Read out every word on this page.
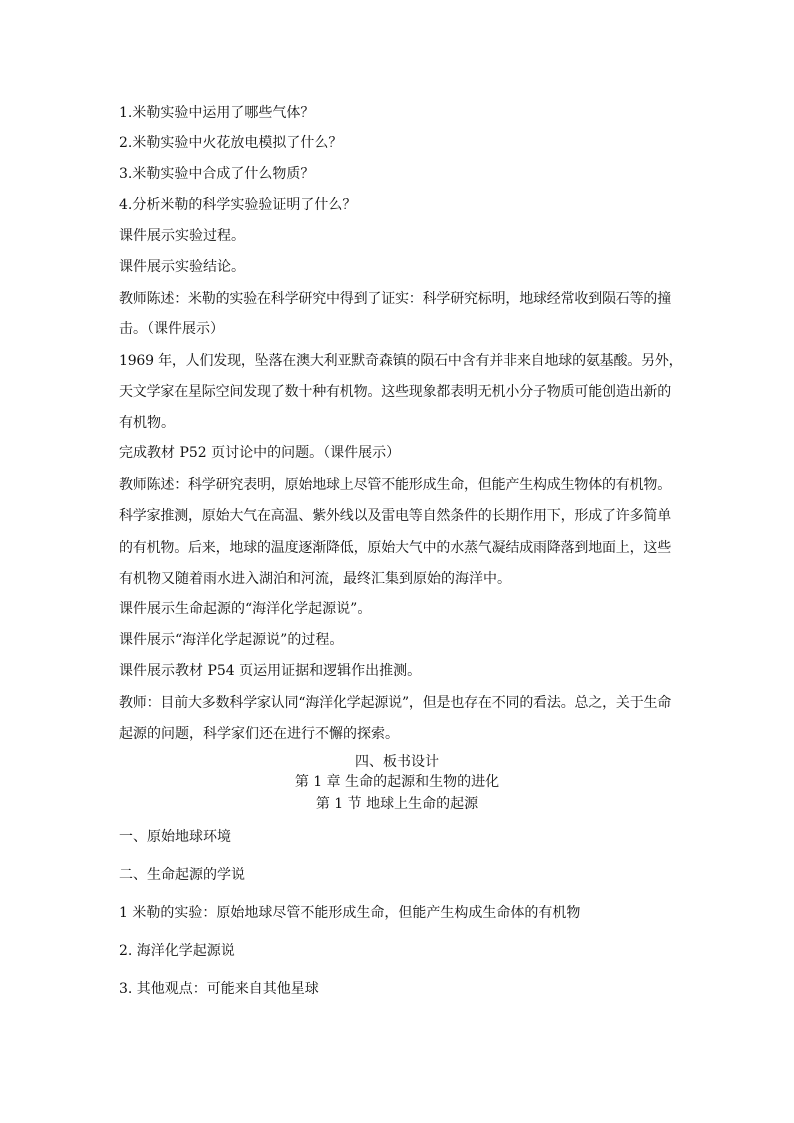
1.米勒实验中运用了哪些气体？
2.米勒实验中火花放电模拟了什么？
3.米勒实验中合成了什么物质？
4.分析米勒的科学实验验证明了什么？
课件展示实验过程。
课件展示实验结论。
教师陈述：米勒的实验在科学研究中得到了证实：科学研究标明，地球经常收到陨石等的撞
击。（课件展示）
1969 年，人们发现，坠落在澳大利亚默奇森镇的陨石中含有并非来自地球的氨基酸。另外，
天文学家在星际空间发现了数十种有机物。这些现象都表明无机小分子物质可能创造出新的
有机物。
完成教材 P52 页讨论中的问题。（课件展示）
教师陈述：科学研究表明，原始地球上尽管不能形成生命，但能产生构成生物体的有机物。
科学家推测，原始大气在高温、紫外线以及雷电等自然条件的长期作用下，形成了许多简单
的有机物。后来，地球的温度逐渐降低，原始大气中的水蒸气凝结成雨降落到地面上，这些
有机物又随着雨水进入湖泊和河流，最终汇集到原始的海洋中。
课件展示生命起源的“海洋化学起源说”。
课件展示“海洋化学起源说”的过程。
课件展示教材 P54 页运用证据和逻辑作出推测。
教师：目前大多数科学家认同“海洋化学起源说”，但是也存在不同的看法。总之，关于生命
起源的问题，科学家们还在进行不懈的探索。
四、板书设计
第 1 章 生命的起源和生物的进化
第 1 节 地球上生命的起源
一、原始地球环境
二、生命起源的学说
1 米勒的实验：原始地球尽管不能形成生命，但能产生构成生命体的有机物
2. 海洋化学起源说
3. 其他观点：可能来自其他星球
